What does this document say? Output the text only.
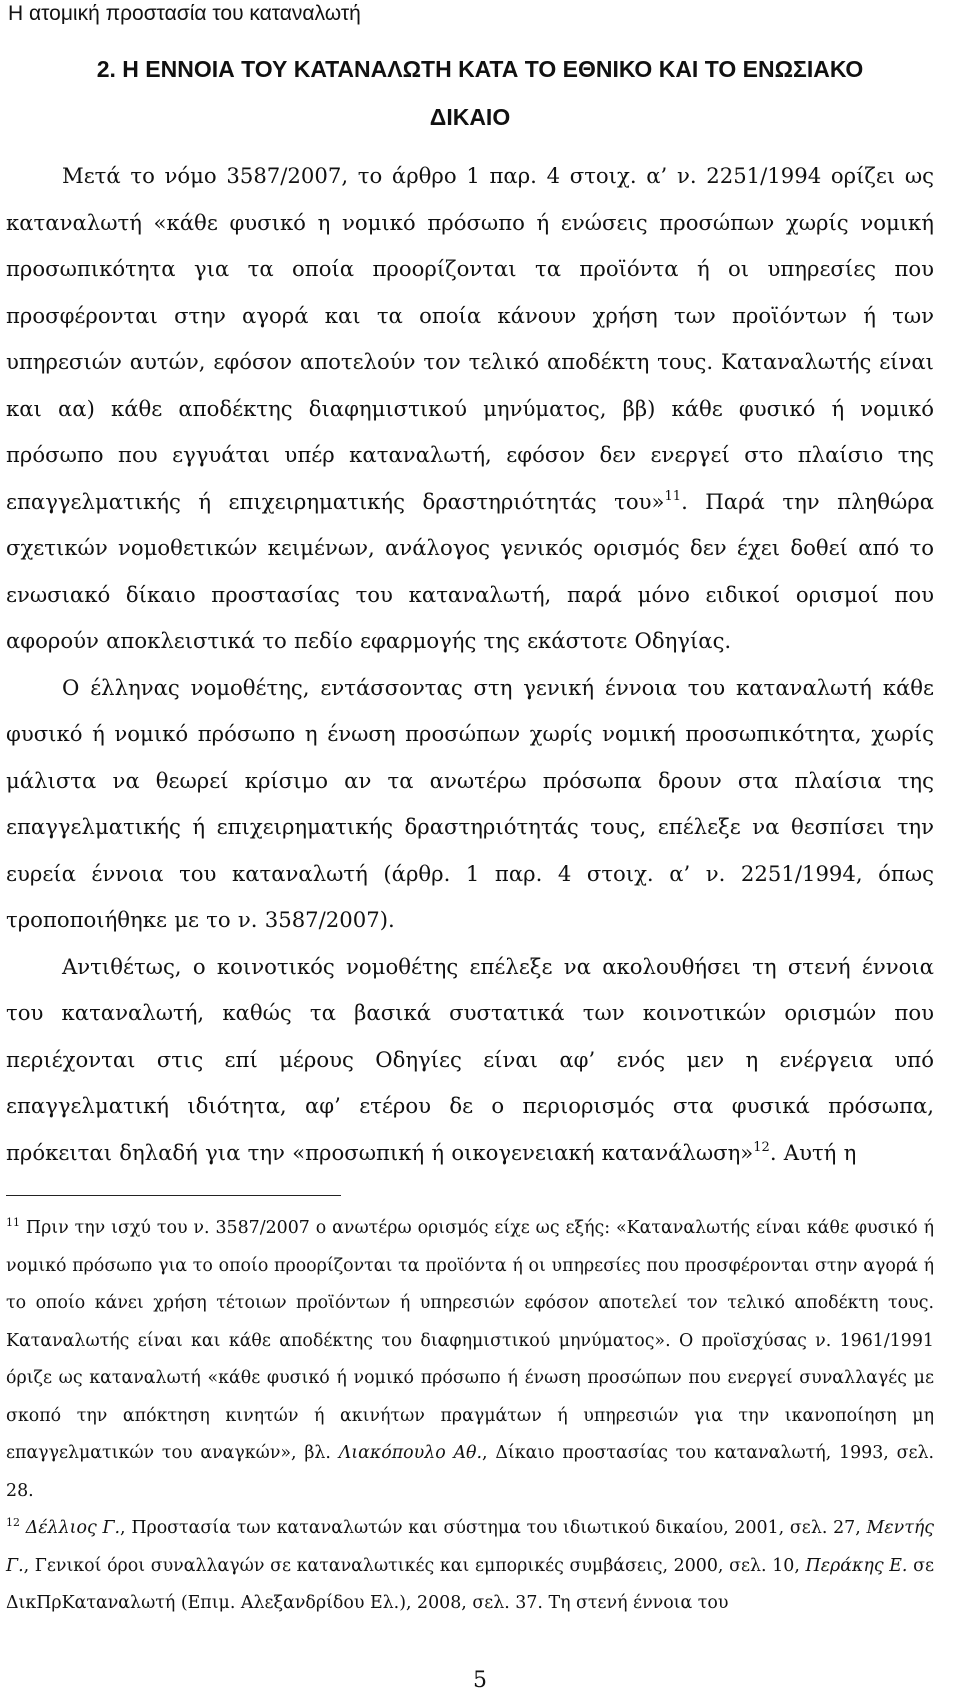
Η ατομική προστασία του καταναλωτή
2. Η ΕΝΝΟΙΑ ΤΟΥ ΚΑΤΑΝΑΛΩΤΗ ΚΑΤΑ ΤΟ ΕΘΝΙΚΟ ΚΑΙ ΤΟ ΕΝΩΣΙΑΚΟ
ΔΙΚΑΙΟ

Μετά το νόμο 3587/2007, το άρθρο 1 παρ. 4 στοιχ. α’ ν. 2251/1994 ορίζει ως καταναλωτή «κάθε φυσικό η νομικό πρόσωπο ή ενώσεις προσώπων χωρίς νομική προσωπικότητα για τα οποία προορίζονται τα προϊόντα ή οι υπηρεσίες που προσφέρονται στην αγορά και τα οποία κάνουν χρήση των προϊόντων ή των υπηρεσιών αυτών, εφόσον αποτελούν τον τελικό αποδέκτη τους. Καταναλωτής είναι και αα) κάθε αποδέκτης διαφημιστικού μηνύματος, ββ) κάθε φυσικό ή νομικό πρόσωπο που εγγυάται υπέρ καταναλωτή, εφόσον δεν ενεργεί στο πλαίσιο της επαγγελματικής ή επιχειρηματικής δραστηριότητάς του»$^{11}$. Παρά την πληθώρα σχετικών νομοθετικών κειμένων, ανάλογος γενικός ορισμός δεν έχει δοθεί από το ενωσιακό δίκαιο προστασίας του καταναλωτή, παρά μόνο ειδικοί ορισμοί που αφορούν αποκλειστικά το πεδίο εφαρμογής της εκάστοτε Οδηγίας.

Ο έλληνας νομοθέτης, εντάσσοντας στη γενική έννοια του καταναλωτή κάθε φυσικό ή νομικό πρόσωπο η ένωση προσώπων χωρίς νομική προσωπικότητα, χωρίς μάλιστα να θεωρεί κρίσιμο αν τα ανωτέρω πρόσωπα δρουν στα πλαίσια της επαγγελματικής ή επιχειρηματικής δραστηριότητάς τους, επέλεξε να θεσπίσει την ευρεία έννοια του καταναλωτή (άρθρ. 1 παρ. 4 στοιχ. α’ ν. 2251/1994, όπως τροποποιήθηκε με το ν. 3587/2007).

Αντιθέτως, ο κοινοτικός νομοθέτης επέλεξε να ακολουθήσει τη στενή έννοια του καταναλωτή, καθώς τα βασικά συστατικά των κοινοτικών ορισμών που περιέχονται στις επί μέρους Οδηγίες είναι αφ’ ενός μεν η ενέργεια υπό επαγγελματική ιδιότητα, αφ’ ετέρου δε ο περιορισμός στα φυσικά πρόσωπα, πρόκειται δηλαδή για την «προσωπική ή οικογενειακή κατανάλωση»$^{12}$. Αυτή η

$^{11}$ Πριν την ισχύ του ν. 3587/2007 ο ανωτέρω ορισμός είχε ως εξής: «Καταναλωτής είναι κάθε φυσικό ή νομικό πρόσωπο για το οποίο προορίζονται τα προϊόντα ή οι υπηρεσίες που προσφέρονται στην αγορά ή το οποίο κάνει χρήση τέτοιων προϊόντων ή υπηρεσιών εφόσον αποτελεί τον τελικό αποδέκτη τους. Καταναλωτής είναι και κάθε αποδέκτης του διαφημιστικού μηνύματος». Ο προϊσχύσας ν. 1961/1991 όριζε ως καταναλωτή «κάθε φυσικό ή νομικό πρόσωπο ή ένωση προσώπων που ενεργεί συναλλαγές με σκοπό την απόκτηση κινητών ή ακινήτων πραγμάτων ή υπηρεσιών για την ικανοποίηση μη επαγγελματικών του αναγκών», βλ. Λιακόπουλο Αθ., Δίκαιο προστασίας του καταναλωτή, 1993, σελ. 28.

$^{12}$ Δέλλιος Γ., Προστασία των καταναλωτών και σύστημα του ιδιωτικού δικαίου, 2001, σελ. 27, Μεντής Γ., Γενικοί όροι συναλλαγών σε καταναλωτικές και εμπορικές συμβάσεις, 2000, σελ. 10, Περάκης Ε. σε ΔικΠρΚαταναλωτή (Επιμ. Αλεξανδρίδου Ελ.), 2008, σελ. 37. Τη στενή έννοια του

5
